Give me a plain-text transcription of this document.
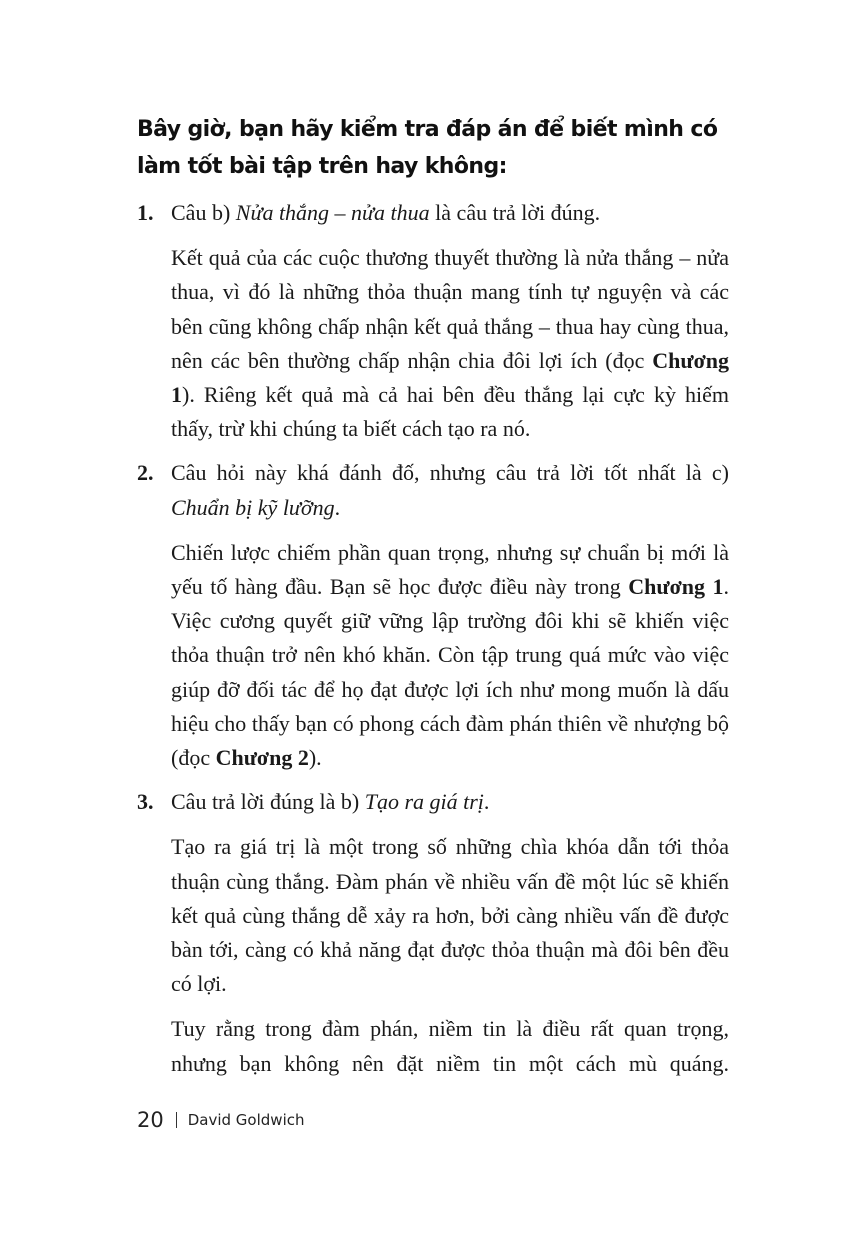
Bây giờ, bạn hãy kiểm tra đáp án để biết mình có
làm tốt bài tập trên hay không:
1. Câu b) Nửa thắng – nửa thua là câu trả lời đúng.

Kết quả của các cuộc thương thuyết thường là nửa thắng – nửa thua, vì đó là những thỏa thuận mang tính tự nguyện và các bên cũng không chấp nhận kết quả thắng – thua hay cùng thua, nên các bên thường chấp nhận chia đôi lợi ích (đọc Chương 1). Riêng kết quả mà cả hai bên đều thắng lại cực kỳ hiếm thấy, trừ khi chúng ta biết cách tạo ra nó.

2. Câu hỏi này khá đánh đố, nhưng câu trả lời tốt nhất là c) Chuẩn bị kỹ lưỡng.

Chiến lược chiếm phần quan trọng, nhưng sự chuẩn bị mới là yếu tố hàng đầu. Bạn sẽ học được điều này trong Chương 1. Việc cương quyết giữ vững lập trường đôi khi sẽ khiến việc thỏa thuận trở nên khó khăn. Còn tập trung quá mức vào việc giúp đỡ đối tác để họ đạt được lợi ích như mong muốn là dấu hiệu cho thấy bạn có phong cách đàm phán thiên về nhượng bộ (đọc Chương 2).

3. Câu trả lời đúng là b) Tạo ra giá trị.

Tạo ra giá trị là một trong số những chìa khóa dẫn tới thỏa thuận cùng thắng. Đàm phán về nhiều vấn đề một lúc sẽ khiến kết quả cùng thắng dễ xảy ra hơn, bởi càng nhiều vấn đề được bàn tới, càng có khả năng đạt được thỏa thuận mà đôi bên đều có lợi.

Tuy rằng trong đàm phán, niềm tin là điều rất quan trọng, nhưng bạn không nên đặt niềm tin một cách mù quáng.

20 David Goldwich
